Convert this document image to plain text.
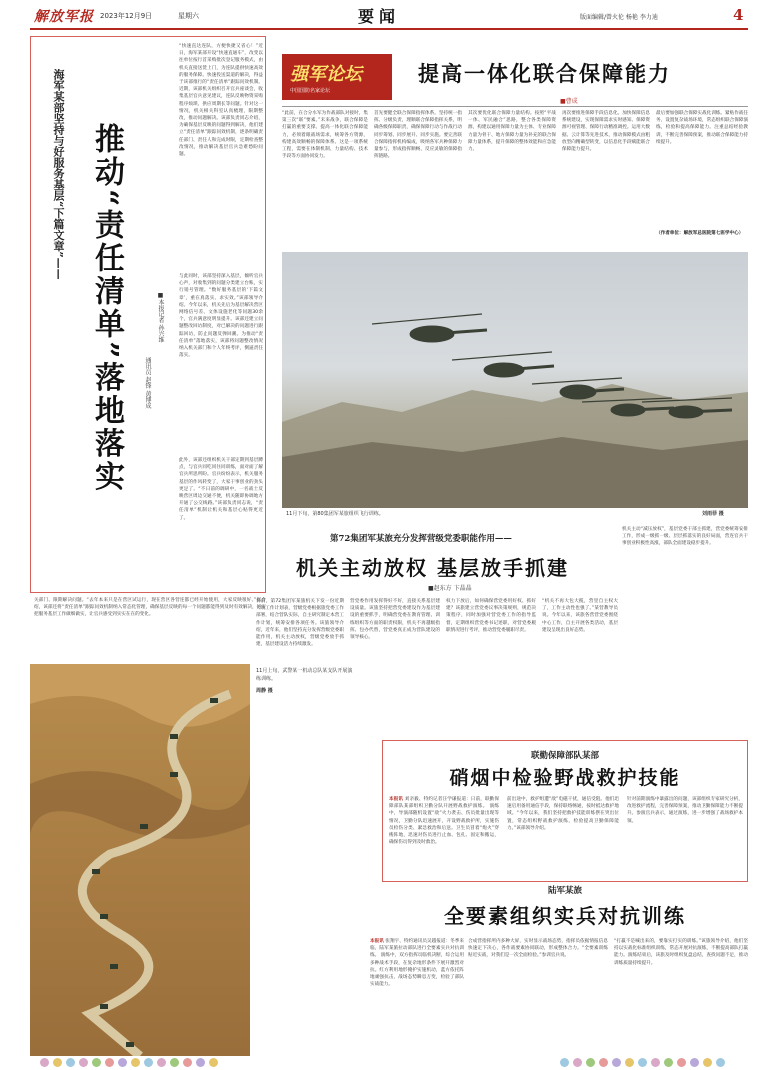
解放军报 2023年12月9日	星期六	要闻	版面编辑/曾火伦 杨艳 李力迪	4
海军某部坚持与好服务基层“下篇文章”—— 推动“责任清单”落地落实	■本报记者 孙兴维
通讯员 赵锋 黄博成
“快速直达连队，方便快捷又省心！”近日，海军某部开设“快速直通车”，改变以往单位按行首采购批次登记服务模式，由机关直接送货上门，为连队提供快速高效的服务保障。快速投送渠道的解决，得益于该部推行的“责任清单”跟踪问效机制。近期，该部机关组织召开官兵座谈会，收集基层官兵意见建议，连队反映物资采购程序烦琐、供应周期长等问题。针对这一情况，机关相关科室认真梳理，限期整改，推动问题解决。该部负责同志介绍，为确保基层反映的问题得到解决，他们建立“责任清单”跟踪问效机制，逐条明确责任部门、责任人和完成时限，定期检查整改情况，推动解决基层官兵急难愁盼问题。
与此同时，该部坚持深入基层，倾听官兵心声，对收集到的问题分类建立台账，实行销号管理。“数好服务基层的‘下篇文章’，重在真落实、求实效。”该部领导介绍。今年以来，机关先后为基层解决营区网络信号差、文体设施老化等问题30余个，官兵满意度明显提升。该部还建立问题整改回访制度，对已解决的问题进行跟踪回访，防止问题反弹回潮。为推动“责任清单”落地落实，该部将问题整改情况纳入机关部门和个人年终考评，倒逼责任落实。
此外，该部还组织机关干部定期到基层蹲点，与官兵同吃同住同训练，面对面了解官兵所思所盼。官兵纷纷表示，机关服务基层的作风转变了，大家干事创业的劲头更足了。“不日前的调研中，一名战士反映营区周边交通不便，机关随即协调地方开通了公交线路。”该部负责同志说，“责任清单”机制让机关和基层心贴得更近了。
关部门、限期解决问题。“去年本来只是在营区试运行，现在营区各营连都已经开始使用，大家反映很好。”据介绍，该部还将“责任清单”跟踪问效机制纳入常态化管理，确保基层反映的每一个问题都能得到及时有效解决，切实把服务基层工作做细做实，让官兵感受到实实在在的变化。
强军论坛
中国国防名家论坛
提高一体化联合保障能力
■曹成
“此前，在合分水军为作战部队对接时，集第三次“联”要素。”未来战争，联合保障是打赢的重要支撑。提高一体化联合保障能力，必须着眼战场需求，统筹各方资源，构建高效顺畅的保障体系。这是一项系统工程，需要在体制机制、力量结构、技术手段等方面协同发力。
首先要健全联合保障指挥体系。坚持统一指挥、分级负责，理顺联合保障指挥关系，明确各级保障职责，确保保障行动与作战行动同步筹划、同步展开、同步实施。要完善联合保障指挥机构编成，吸纳各军兵种保障力量参与，形成指挥顺畅、反应灵敏的保障指挥链路。
其次要优化联合保障力量结构。按照“平战一体、军民融合”思路，整合各类保障资源，构建以通用保障力量为主体、专业保障力量为骨干、地方保障力量为补充的联合保障力量体系，提升保障的整体效能和应急能力。
再次要推进保障手段信息化。加快保障信息系统建设，实现保障需求实时感知、保障资源可视管理、保障行动精准调控。运用大数据、云计算等先进技术，推动保障模式由粗放型向精确型转变，以信息化手段赋能联合保障能力提升。
最后要加强联合保障实战化训练。紧贴作战任务，设置复杂战场环境，常态组织联合保障演练，检验和提高保障能力。注重总结经验教训，不断完善保障预案，推动联合保障能力持续提升。
（作者单位：解放军总医院第七医学中心）
11月下旬，第80集团军某旅组织飞行训练。	刘雨菲 摄
第72集团军某旅充分发挥营级党委职能作用——
机关主动放权 基层放手抓建
■赵东方 卞晶晶
日前，第72集团军某旅机关下发一份近期大项工作计划表，营级党委根据旅党委工作部署，结合营队实际，自主研究制定本营工作计划，统筹安排各项任务。该旅领导介绍，近年来，他们坚持充分发挥营级党委职能作用，机关主动放权，营级党委放手抓建，基层建设活力持续激发。
营党委作用发挥得好不好，直接关系基层建设质量。该旅坚持把营党委建设作为基层建设的重要抓手，明确营党委在教育管理、训练组织等方面的职责权限，机关不再越级指挥、包办代替，营党委真正成为营队建设的领导核心。
权力下放后，如何确保营党委用好权、抓好建？该旅建立营党委议事决策规则，规范决策程序，同时加强对营党委工作的指导监督，定期组织营党委书记述职，对营党委履职情况进行考评，推动营党委履职尽责。
“机关不再大包大揽，营里自主权大了，工作主动性也强了。”某营教导员说。今年以来，该旅各营营党委围绕中心工作，自主开展各类活动，基层建设呈现出良好态势。
机关主动“减压放权”，基层党委干部主抓建，营党委统筹安排工作，形成一级抓一级、层层抓落实的良好局面，营连官兵干事创业积极性高涨，部队全面建设稳步提升。
11月上旬，武警某一机动总队某支队开展演练训练。
周静 摄
联勤保障部队某部
硝烟中检验野战救护技能
本报讯 刘亲毅、特约记者汪学谦报道：日前，联勤保障部队某部组织卫勤分队开展野战救护演练。 演练中，导演部随机设置“敌”火力袭击、伤员批量出现等情况，卫勤分队迅速展开，开设野战救护所，实施伤员检伤分类、紧急救治和后送。卫生员冒着“炮火”穿梭阵地，迅速对伤员进行止血、包扎、固定和搬运，确保伤员得到及时救治。
前出途中，救护组遭“敌”电磁干扰，通信受阻。他们迅速启用备用通信手段，保持联络畅通，按时抵达救护地域。“今年以来，我们坚持把救护技能训练摆在突出位置，常态组织野战救护演练，检验提高卫勤保障能力。”该部领导介绍。
针对前期演练中暴露出的问题，该部组织专家研究分析，改进救护流程，完善保障预案，推动卫勤保障能力不断提升。参演官兵表示，通过演练，进一步增强了战场救护本领。
陆军某旅
全要素组织实兵对抗训练
本报讯 张翔宇、特约通讯员吴越报道：冬季来临，陆军某旅拉动部队进行全要素实兵对抗训练。 演练中，双方指挥员临机决断，综合运用多种战术手段，在复杂地形条件下展开激烈对抗。红方利用地形掩护实施机动，蓝方依托阵地顽强抗击，战场态势瞬息万变，检验了部队实战能力。
合成营指挥所内多种大屏，实时显示战场态势，指挥员依据情报信息快速定下决心，各作战要素协同联动，形成整体合力。“全要素训练贴近实战，对我们是一次全面检验。”参训官兵说。
“打赢不是喊出来的，要靠实打实的训练。”该旅领导介绍，他们坚持以实战化标准组织训练，常态开展对抗演练，不断提高部队打赢能力。演练结束后，该旅及时组织复盘总结，查找问题不足，推动训练质量持续提升。
